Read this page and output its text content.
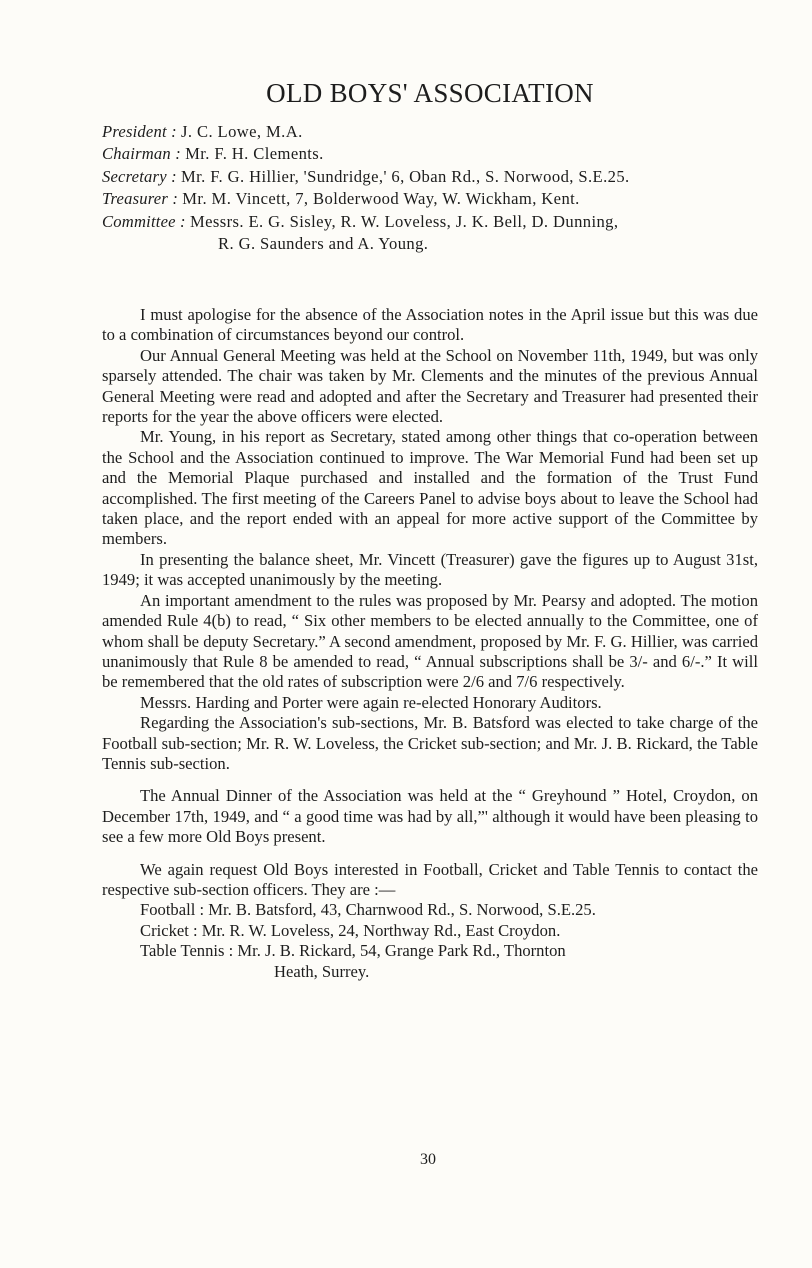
OLD BOYS' ASSOCIATION
President : J. C. Lowe, M.A.
Chairman : Mr. F. H. Clements.
Secretary : Mr. F. G. Hillier, 'Sundridge,' 6, Oban Rd., S. Norwood, S.E.25.
Treasurer : Mr. M. Vincett, 7, Bolderwood Way, W. Wickham, Kent.
Committee : Messrs. E. G. Sisley, R. W. Loveless, J. K. Bell, D. Dunning,
R. G. Saunders and A. Young.

I must apologise for the absence of the Association notes in the April issue but this was due to a combination of circumstances beyond our control.

Our Annual General Meeting was held at the School on November 11th, 1949, but was only sparsely attended. The chair was taken by Mr. Clements and the minutes of the previous Annual General Meeting were read and adopted and after the Secretary and Treasurer had presented their reports for the year the above officers were elected.

Mr. Young, in his report as Secretary, stated among other things that co-operation between the School and the Association continued to improve. The War Memorial Fund had been set up and the Memorial Plaque purchased and installed and the formation of the Trust Fund accomplished. The first meeting of the Careers Panel to advise boys about to leave the School had taken place, and the report ended with an appeal for more active support of the Committee by members.

In presenting the balance sheet, Mr. Vincett (Treasurer) gave the figures up to August 31st, 1949; it was accepted unanimously by the meeting.

An important amendment to the rules was proposed by Mr. Pearsy and adopted. The motion amended Rule 4(b) to read, “ Six other members to be elected annually to the Committee, one of whom shall be deputy Secretary.” A second amendment, proposed by Mr. F. G. Hillier, was carried unanimously that Rule 8 be amended to read, “ Annual subscriptions shall be 3/- and 6/-.” It will be remembered that the old rates of subscription were 2/6 and 7/6 respectively.

Messrs. Harding and Porter were again re-elected Honorary Auditors.

Regarding the Association's sub-sections, Mr. B. Batsford was elected to take charge of the Football sub-section; Mr. R. W. Loveless, the Cricket sub-section; and Mr. J. B. Rickard, the Table Tennis sub-section.

The Annual Dinner of the Association was held at the “ Greyhound ” Hotel, Croydon, on December 17th, 1949, and “ a good time was had by all,”' although it would have been pleasing to see a few more Old Boys present.

We again request Old Boys interested in Football, Cricket and Table Tennis to contact the respective sub-section officers. They are :—

Football : Mr. B. Batsford, 43, Charnwood Rd., S. Norwood, S.E.25.
Cricket : Mr. R. W. Loveless, 24, Northway Rd., East Croydon.
Table Tennis : Mr. J. B. Rickard, 54, Grange Park Rd., Thornton
Heath, Surrey.
30
